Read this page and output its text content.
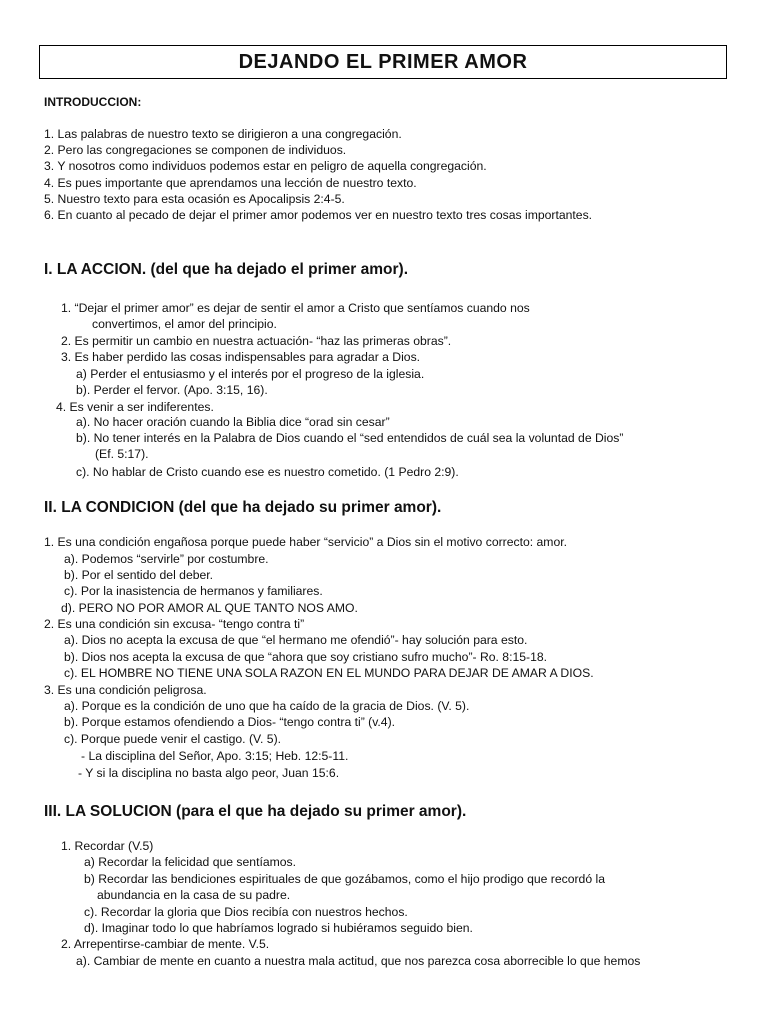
DEJANDO EL PRIMER AMOR
INTRODUCCION:
1. Las palabras de nuestro texto se dirigieron a una congregación.
2. Pero las congregaciones se componen de individuos.
3. Y nosotros como individuos podemos estar en peligro de aquella congregación.
4. Es pues importante que aprendamos una lección de nuestro texto.
5. Nuestro texto para esta ocasión es Apocalipsis 2:4-5.
6. En cuanto al pecado de dejar el primer amor podemos ver en nuestro texto tres cosas importantes.
I. LA ACCION. (del que ha dejado el primer amor).
1. “Dejar el primer amor” es dejar de sentir el amor a Cristo que sentíamos cuando nos
convertimos, el amor del principio.
2. Es permitir un cambio en nuestra actuación- “haz las primeras obras”.
3. Es haber perdido las cosas indispensables para agradar a Dios.
a) Perder el entusiasmo y el interés por el progreso de la iglesia.
b). Perder el fervor. (Apo. 3:15, 16).
4. Es venir a ser indiferentes.
a). No hacer oración cuando la Biblia dice “orad sin cesar”
b). No tener interés en la Palabra de Dios cuando el “sed entendidos de cuál sea la voluntad de Dios”
(Ef. 5:17).
c). No hablar de Cristo cuando ese es nuestro cometido. (1 Pedro 2:9).
II. LA CONDICION (del que ha dejado su primer amor).
1. Es una condición engañosa porque puede haber “servicio” a Dios sin el motivo correcto: amor.
a). Podemos “servirle” por costumbre.
b). Por el sentido del deber.
c). Por la inasistencia de hermanos y familiares.
d). PERO NO POR AMOR AL QUE TANTO NOS AMO.
2. Es una condición sin excusa- “tengo contra ti”
a). Dios no acepta la excusa de que “el hermano me ofendió”- hay solución para esto.
b). Dios nos acepta la excusa de que “ahora que soy cristiano sufro mucho”- Ro. 8:15-18.
c). EL HOMBRE NO TIENE UNA SOLA RAZON EN EL MUNDO PARA DEJAR DE AMAR A DIOS.
3. Es una condición peligrosa.
a). Porque es la condición de uno que ha caído de la gracia de Dios. (V. 5).
b). Porque estamos ofendiendo a Dios- “tengo contra ti” (v.4).
c). Porque puede venir el castigo. (V. 5).
- La disciplina del Señor, Apo. 3:15; Heb. 12:5-11.
- Y si la disciplina no basta algo peor, Juan 15:6.
III. LA SOLUCION (para el que ha dejado su primer amor).
1. Recordar (V.5)
a) Recordar la felicidad que sentíamos.
b) Recordar las bendiciones espirituales de que gozábamos, como el hijo prodigo que recordó la
abundancia en la casa de su padre.
c). Recordar la gloria que Dios recibía con nuestros hechos.
d). Imaginar todo lo que habríamos logrado si hubiéramos seguido bien.
2. Arrepentirse-cambiar de mente. V.5.
a). Cambiar de mente en cuanto a nuestra mala actitud, que nos parezca cosa aborrecible lo que hemos
